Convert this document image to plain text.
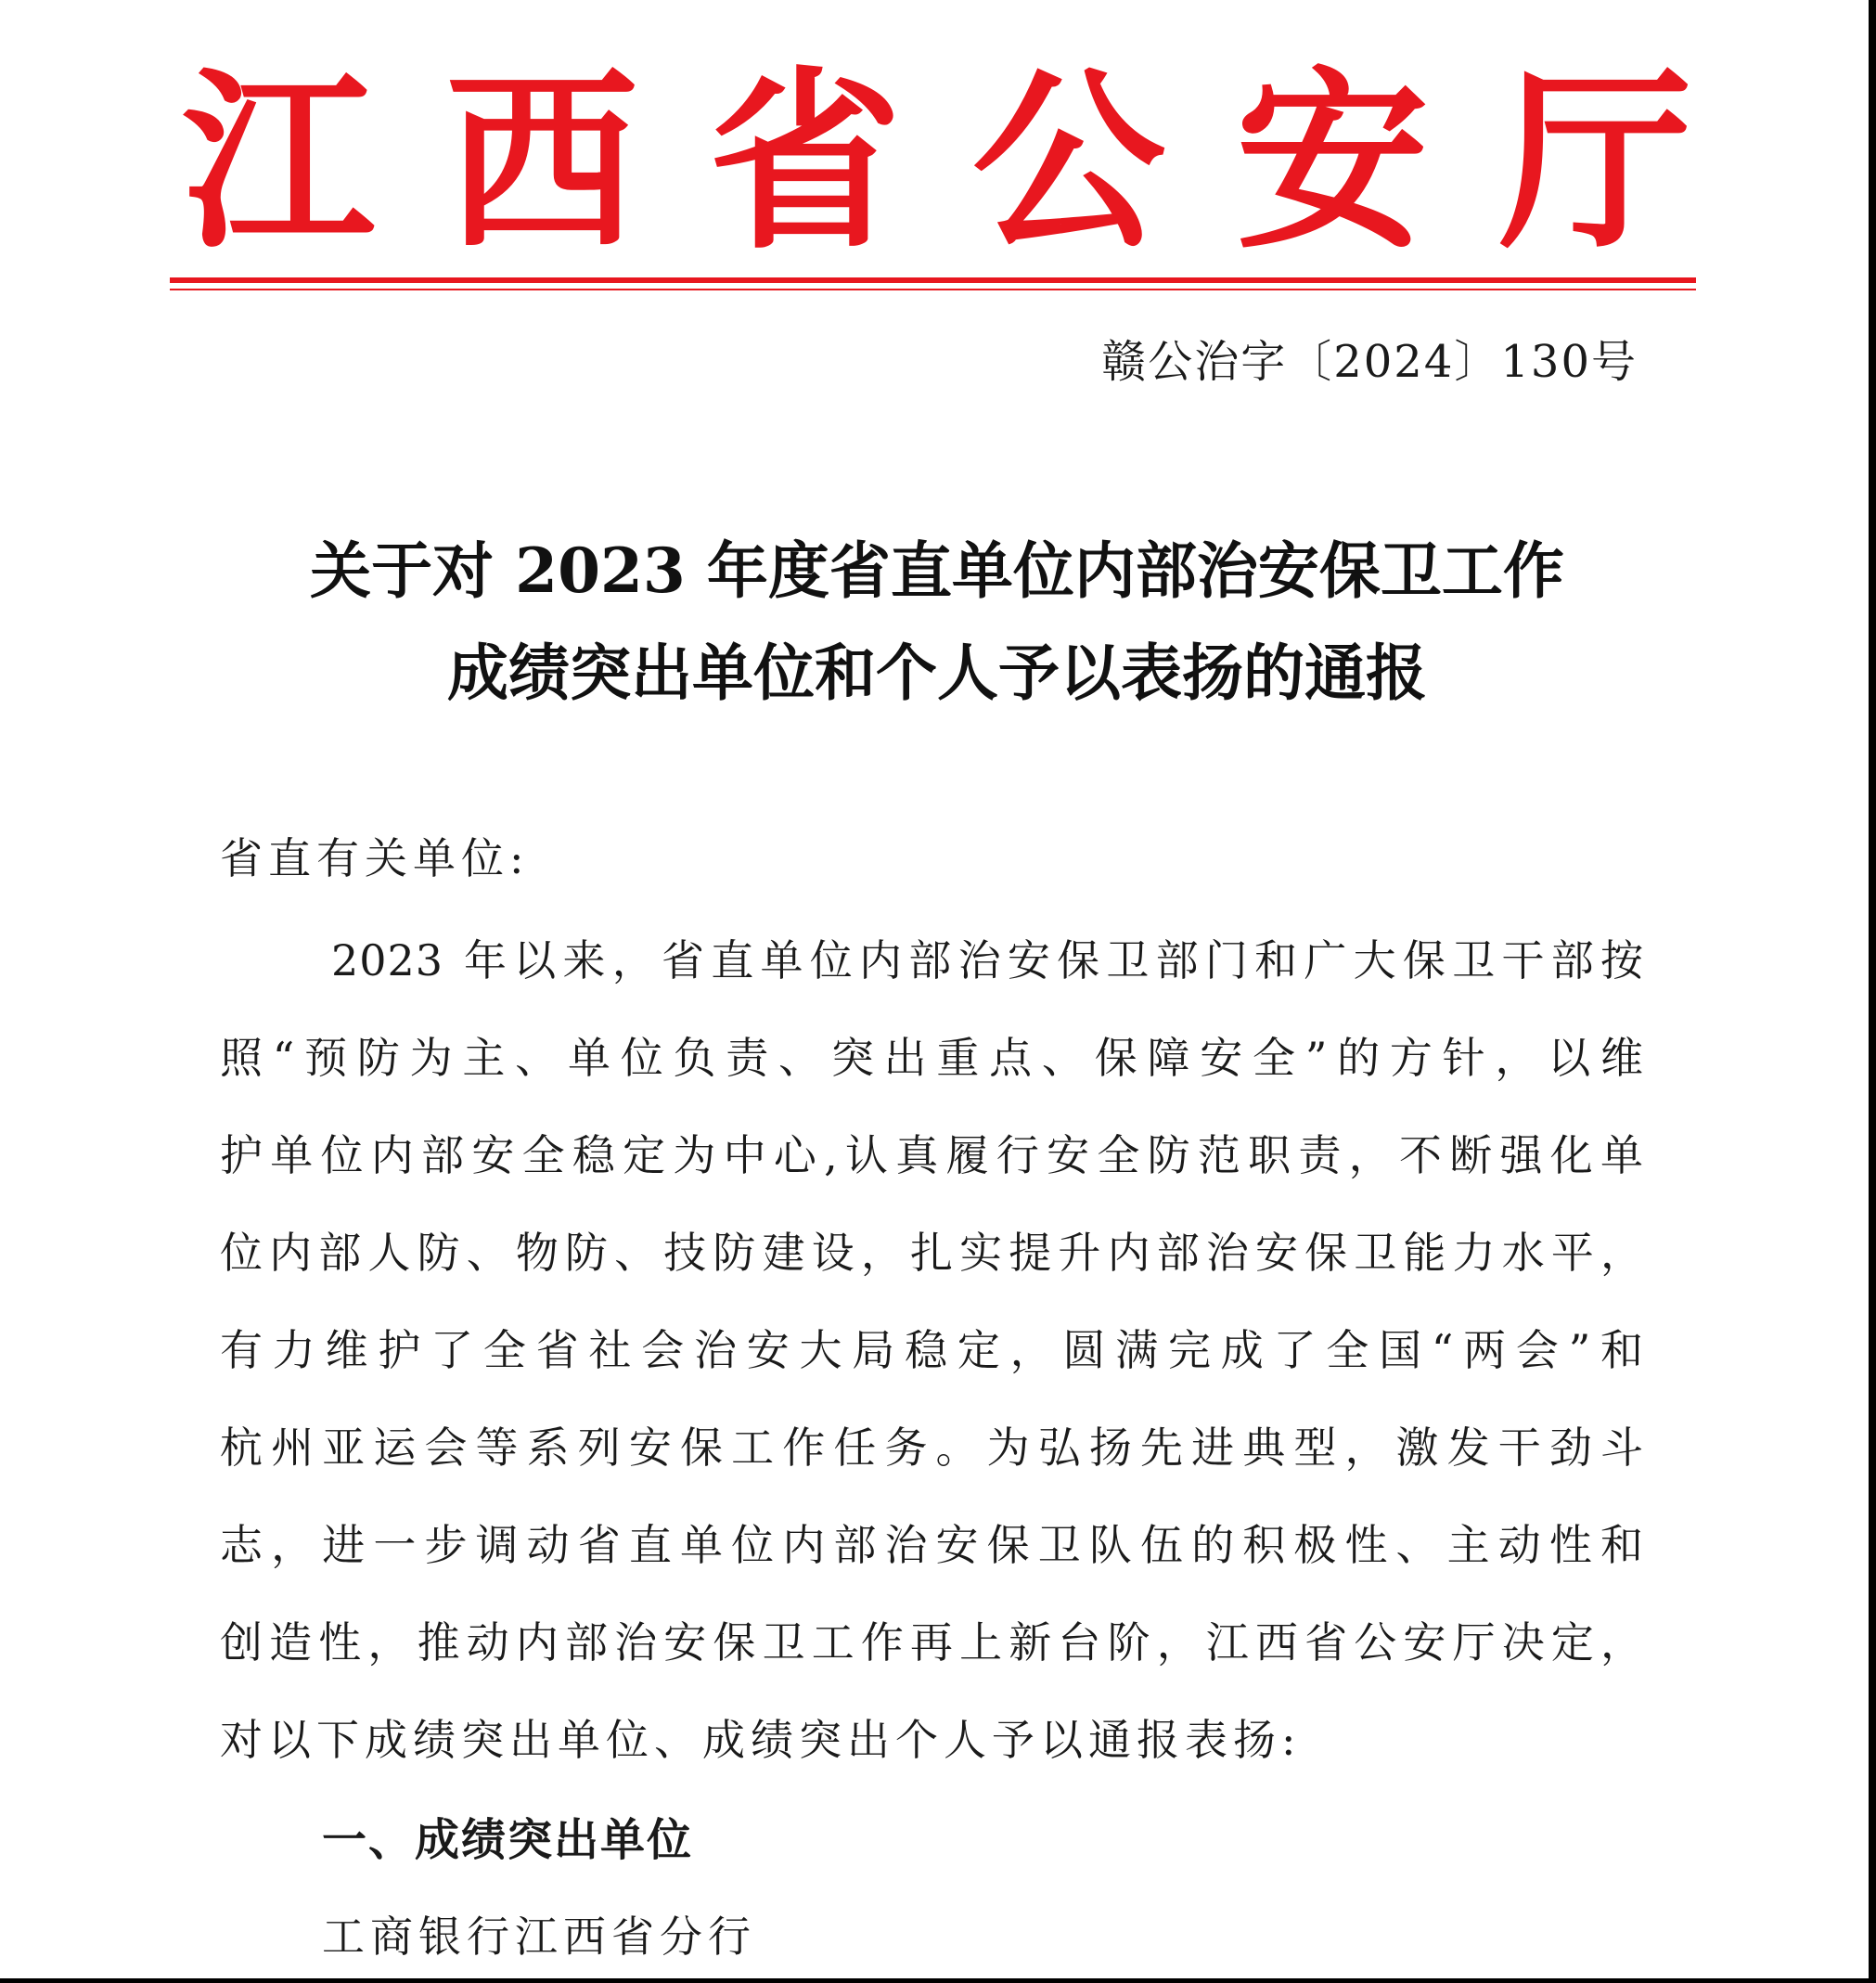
江 西 省 公 安 厅
赣公治字〔2024〕130号
关于对 2023 年度省直单位内部治安保卫工作
成绩突出单位和个人予以表扬的通报
省直有关单位:
2023 年以来，省直单位内部治安保卫部门和广大保卫干部按
照“预防为主、单位负责、突出重点、保障安全”的方针，以维
护单位内部安全稳定为中心,认真履行安全防范职责，不断强化单
位内部人防、物防、技防建设，扎实提升内部治安保卫能力水平，
有力维护了全省社会治安大局稳定，圆满完成了全国“两会”和
杭州亚运会等系列安保工作任务。为弘扬先进典型，激发干劲斗
志，进一步调动省直单位内部治安保卫队伍的积极性、主动性和
创造性，推动内部治安保卫工作再上新台阶，江西省公安厅决定，
对以下成绩突出单位、成绩突出个人予以通报表扬:
一、成绩突出单位
工商银行江西省分行
